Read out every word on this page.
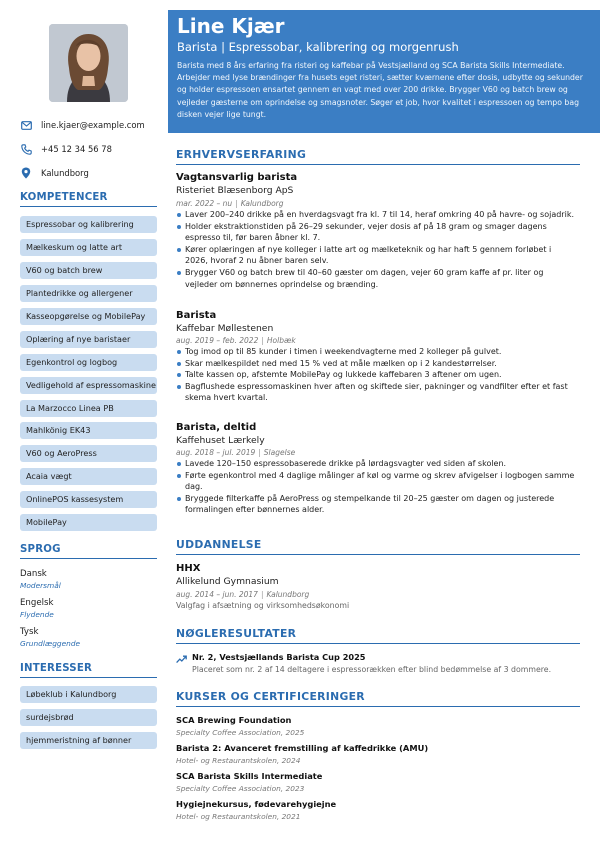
line.kjaer@example.com
+45 12 34 56 78
Kalundborg
KOMPETENCER
Espressobar og kalibrering
Mælkeskum og latte art
V60 og batch brew
Plantedrikke og allergener
Kasseopgørelse og MobilePay
Oplæring af nye baristaer
Egenkontrol og logbog
Vedligehold af espressomaskine
La Marzocco Linea PB
Mahlkönig EK43
V60 og AeroPress
Acaia vægt
OnlinePOS kassesystem
MobilePay
SPROG
Dansk
Modersmål
Engelsk
Flydende
Tysk
Grundlæggende
INTERESSER
Løbeklub i Kalundborg
surdejsbrød
hjemmeristning af bønner
Line Kjær
Barista | Espressobar, kalibrering og morgenrush
Barista med 8 års erfaring fra risteri og kaffebar på Vestsjælland og SCA Barista Skills Intermediate. Arbejder med lyse brændinger fra husets eget risteri, sætter kværnene efter dosis, udbytte og sekunder og holder espressoen ensartet gennem en vagt med over 200 drikke. Brygger V60 og batch brew og vejleder gæsterne om oprindelse og smagsnoter. Søger et job, hvor kvalitet i espressoen og tempo bag disken vejer lige tungt.
ERHVERVSERFARING
Vagtansvarlig barista
Risteriet Blæsenborg ApS
mar. 2022 – nu | Kalundborg
Laver 200–240 drikke på en hverdagsvagt fra kl. 7 til 14, heraf omkring 40 på havre- og sojadrik.
Holder ekstraktionstiden på 26–29 sekunder, vejer dosis af på 18 gram og smager dagens espresso til, før baren åbner kl. 7.
Kører oplæringen af nye kolleger i latte art og mælketeknik og har haft 5 gennem forløbet i 2026, hvoraf 2 nu åbner baren selv.
Brygger V60 og batch brew til 40–60 gæster om dagen, vejer 60 gram kaffe af pr. liter og vejleder om bønnernes oprindelse og brænding.
Barista
Kaffebar Møllestenen
aug. 2019 – feb. 2022 | Holbæk
Tog imod op til 85 kunder i timen i weekendvagterne med 2 kolleger på gulvet.
Skar mælkespildet ned med 15 % ved at måle mælken op i 2 kandestørrelser.
Talte kassen op, afstemte MobilePay og lukkede kaffebaren 3 aftener om ugen.
Bagflushede espressomaskinen hver aften og skiftede sier, pakninger og vandfilter efter et fast skema hvert kvartal.
Barista, deltid
Kaffehuset Lærkely
aug. 2018 – jul. 2019 | Slagelse
Lavede 120–150 espressobaserede drikke på lørdagsvagter ved siden af skolen.
Førte egenkontrol med 4 daglige målinger af køl og varme og skrev afvigelser i logbogen samme dag.
Bryggede filterkaffe på AeroPress og stempelkande til 20–25 gæster om dagen og justerede formalingen efter bønnernes alder.
UDDANNELSE
HHX
Allikelund Gymnasium
aug. 2014 – jun. 2017 | Kalundborg
Valgfag i afsætning og virksomhedsøkonomi
NØGLERESULTATER
Nr. 2, Vestsjællands Barista Cup 2025
Placeret som nr. 2 af 14 deltagere i espressorækken efter blind bedømmelse af 3 dommere.
KURSER OG CERTIFICERINGER
SCA Brewing Foundation
Specialty Coffee Association, 2025
Barista 2: Avanceret fremstilling af kaffedrikke (AMU)
Hotel- og Restaurantskolen, 2024
SCA Barista Skills Intermediate
Specialty Coffee Association, 2023
Hygiejnekursus, fødevarehygiejne
Hotel- og Restaurantskolen, 2021
